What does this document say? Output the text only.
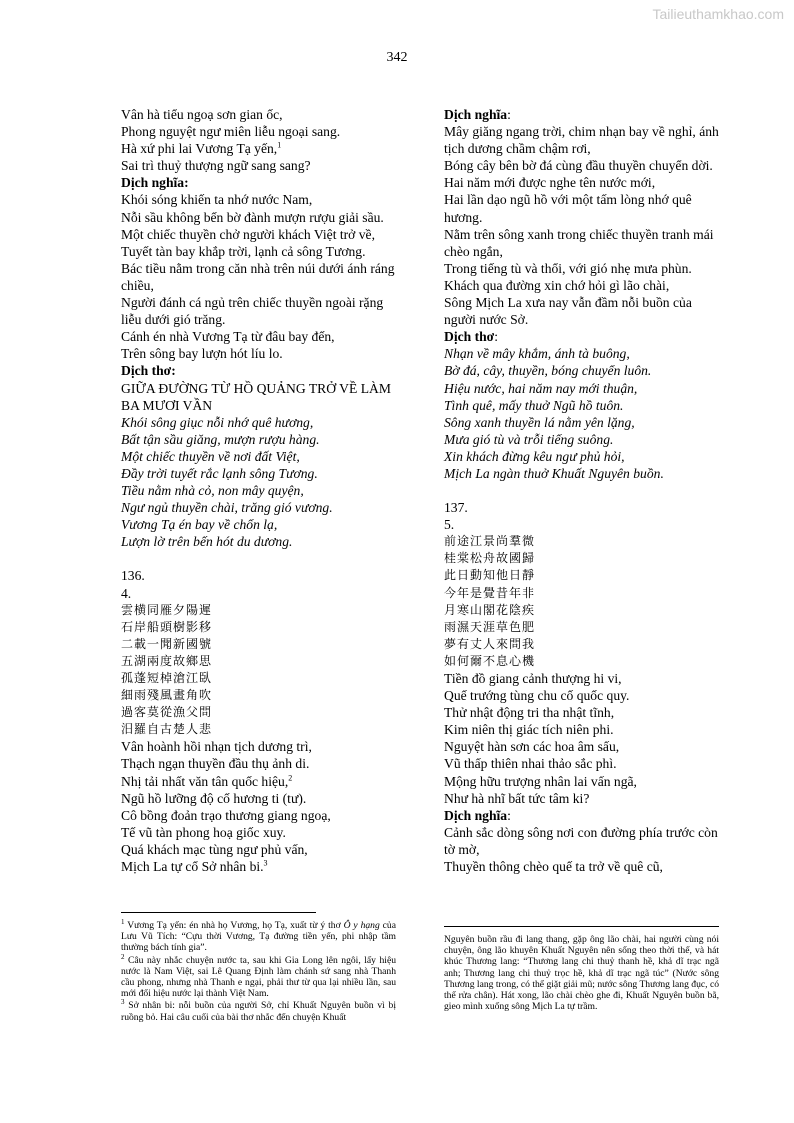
Tailieuthamkhao.com
342
Vân hà tiểu ngoạ sơn gian ốc,
Phong nguyệt ngư miên liễu ngoại sang.
Hà xứ phi lai Vương Tạ yến,$^1$
Sai trì thuỷ thượng ngữ sang sang?
Dịch nghĩa:
Khói sóng khiến ta nhớ nước Nam,
Nỗi sầu không bến bờ đành mượn rượu giải sầu.
Một chiếc thuyền chở người khách Việt trở về,
Tuyết tàn bay khắp trời, lạnh cả sông Tương.
Bác tiều nằm trong căn nhà trên núi dưới ánh ráng chiều,
Người đánh cá ngủ trên chiếc thuyền ngoài rặng liễu dưới gió trăng.
Cánh én nhà Vương Tạ từ đâu bay đến,
Trên sông bay lượn hót líu lo.
Dịch thơ:
GIỮA ĐƯỜNG TỪ HỒ QUẢNG TRỞ VỀ LÀM BA MƯƠI VẦN
Khói sông giục nỗi nhớ quê hương,
Bất tận sầu giăng, mượn rượu hàng.
Một chiếc thuyền về nơi đất Việt,
Đầy trời tuyết rắc lạnh sông Tương.
Tiều nằm nhà cỏ, non mây quyện,
Ngư ngủ thuyền chài, trăng gió vương.
Vương Tạ én bay về chốn lạ,
Lượn lờ trên bến hót du dương.
136.
4.
雲横同雁夕陽遲
石岸船頭樹影移
二載一聞新國號
五湖兩度故鄉思
孤蓬短棹滄江臥
細雨殘風畫角吹
過客莫從漁父問
汨羅自古楚人悲
Vân hoành hồi nhạn tịch dương trì,
Thạch ngạn thuyền đầu thụ ảnh di.
Nhị tải nhất văn tân quốc hiệu,$^2$
Ngũ hồ lưỡng độ cố hương ti (tư).
Cô bồng đoản trạo thương giang ngoạ,
Tế vũ tàn phong hoạ giốc xuy.
Quá khách mạc tùng ngư phủ vấn,
Mịch La tự cổ Sở nhân bi.$^3$
Dịch nghĩa:
Mây giăng ngang trời, chim nhạn bay về nghỉ, ánh tịch dương chầm chậm rơi,
Bóng cây bên bờ đá cùng đầu thuyền chuyển dời.
Hai năm mới được nghe tên nước mới,
Hai lần dạo ngũ hồ với một tấm lòng nhớ quê hương.
Nằm trên sông xanh trong chiếc thuyền tranh mái chèo ngắn,
Trong tiếng tù và thổi, với gió nhẹ mưa phùn.
Khách qua đường xin chớ hỏi gì lão chài,
Sông Mịch La xưa nay vẫn đầm nỗi buồn của người nước Sở.
Dịch thơ:
Nhạn về mây khắm, ánh tà buông,
Bờ đá, cây, thuyền, bóng chuyển luôn.
Hiệu nước, hai năm nay mới thuận,
Tình quê, mấy thuở Ngũ hồ tuôn.
Sông xanh thuyền lá nằm yên lặng,
Mưa gió tù và trỗi tiếng suông.
Xin khách đừng kêu ngư phủ hỏi,
Mịch La ngàn thuở Khuất Nguyên buồn.
137.
5.
前途江景尚羣微
桂棠松舟故國歸
此日動知他日靜
今年是覺昔年非
月寒山閣花陰疾
雨濕天涯草色肥
夢有丈人來問我
如何爾不息心機
Tiền đồ giang cảnh thượng hi vi,
Quế trướng tùng chu cố quốc quy.
Thử nhật động tri tha nhật tĩnh,
Kim niên thị giác tích niên phi.
Nguyệt hàn sơn các hoa âm sấu,
Vũ thấp thiên nhai thảo sắc phì.
Mộng hữu trượng nhân lai vấn ngã,
Như hà nhĩ bất tức tâm ki?
Dịch nghĩa:
Cảnh sắc dòng sông nơi con đường phía trước còn tờ mờ,
Thuyền thông chèo quế ta trở về quê cũ,

$^1$ Vương Tạ yến: én nhà họ Vương, họ Tạ, xuất từ ý thơ Ô y hạng của Lưu Vũ Tích: “Cựu thời Vương, Tạ đường tiền yến, phi nhập tầm thường bách tính gia”.

$^2$ Câu này nhắc chuyện nước ta, sau khi Gia Long lên ngôi, lấy hiệu nước là Nam Việt, sai Lê Quang Định làm chánh sứ sang nhà Thanh cầu phong, nhưng nhà Thanh e ngại, phải thư từ qua lại nhiều lần, sau mới đổi hiệu nước lại thành Việt Nam.

$^3$ Sở nhân bi: nỗi buồn của người Sở, chỉ Khuất Nguyên buồn vì bị ruồng bỏ. Hai câu cuối của bài thơ nhắc đến chuyện Khuất

Nguyên buồn rầu đi lang thang, gặp ông lão chài, hai người cùng nói chuyện, ông lão khuyên Khuất Nguyên nên sống theo thời thế, và hát khúc Thương lang: “Thương lang chi thuỷ thanh hề, khả dĩ trạc ngã anh; Thương lang chi thuỷ trọc hề, khả dĩ trạc ngã túc” (Nước sông Thương lang trong, có thể giặt giải mũ; nước sông Thương lang đục, có thể rửa chân). Hát xong, lão chài chèo ghe đi, Khuất Nguyên buồn bã, gieo mình xuống sông Mịch La tự trầm.
